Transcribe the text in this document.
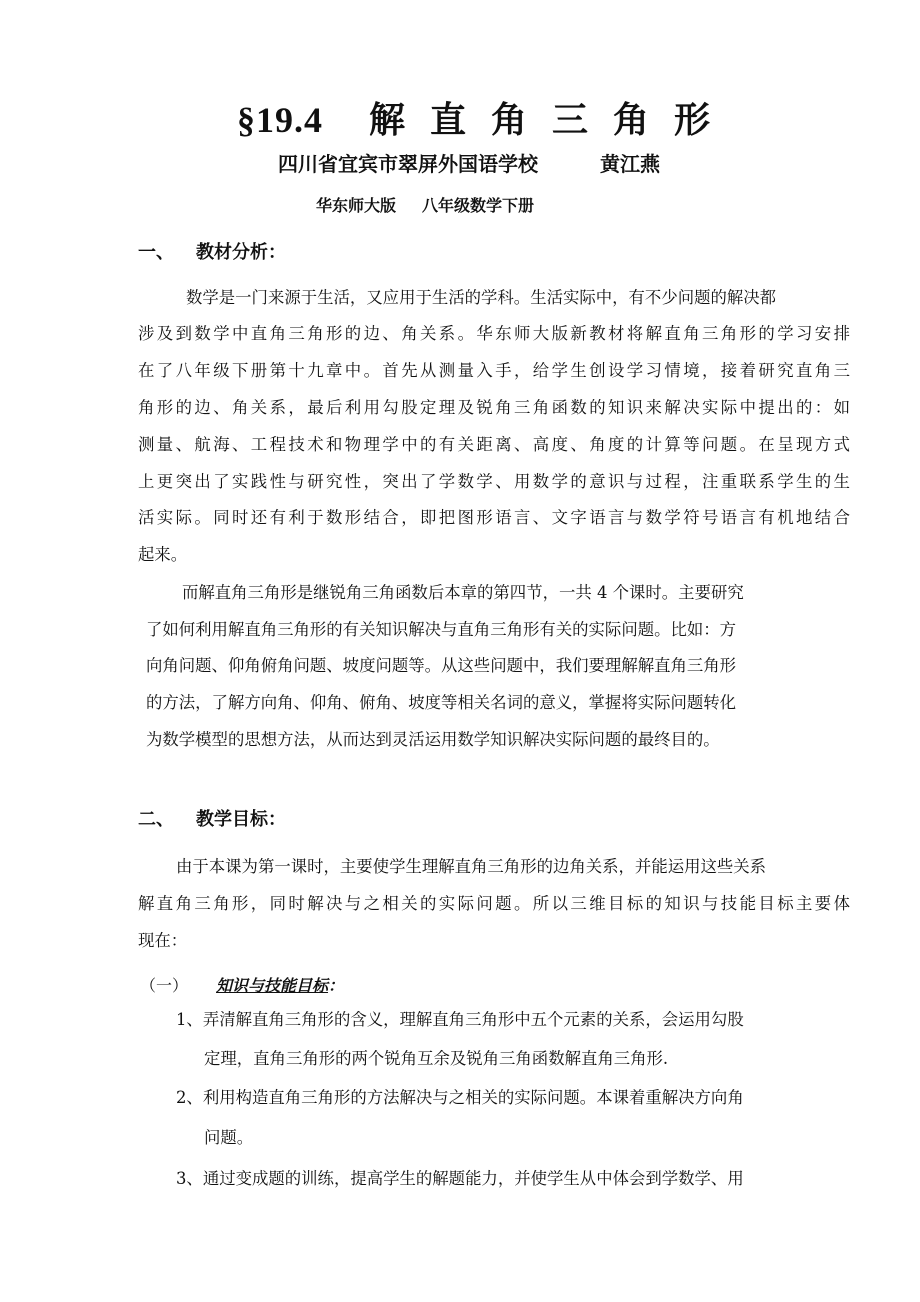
§19.4 解 直 角 三 角 形
四川省宜宾市翠屏外国语学校	黄江燕
华东师大版 八年级数学下册
一、 教材分析：
数学是一门来源于生活，又应用于生活的学科。生活实际中，有不少问题的解决都
涉及到数学中直角三角形的边、角关系。华东师大版新教材将解直角三角形的学习安排
在了八年级下册第十九章中。首先从测量入手，给学生创设学习情境，接着研究直角三
角形的边、角关系，最后利用勾股定理及锐角三角函数的知识来解决实际中提出的：如
测量、航海、工程技术和物理学中的有关距离、高度、角度的计算等问题。在呈现方式
上更突出了实践性与研究性，突出了学数学、用数学的意识与过程，注重联系学生的生
活实际。同时还有利于数形结合，即把图形语言、文字语言与数学符号语言有机地结合
起来。
而解直角三角形是继锐角三角函数后本章的第四节，一共 4 个课时。主要研究
了如何利用解直角三角形的有关知识解决与直角三角形有关的实际问题。比如：方
向角问题、仰角俯角问题、坡度问题等。从这些问题中，我们要理解解直角三角形
的方法，了解方向角、仰角、俯角、坡度等相关名词的意义，掌握将实际问题转化
为数学模型的思想方法，从而达到灵活运用数学知识解决实际问题的最终目的。
二、 教学目标：
由于本课为第一课时，主要使学生理解直角三角形的边角关系，并能运用这些关系
解直角三角形，同时解决与之相关的实际问题。所以三维目标的知识与技能目标主要体
现在：
（一） 知识与技能目标：
1、弄清解直角三角形的含义，理解直角三角形中五个元素的关系，会运用勾股
定理，直角三角形的两个锐角互余及锐角三角函数解直角三角形.
2、利用构造直角三角形的方法解决与之相关的实际问题。本课着重解决方向角
问题。
3、通过变成题的训练，提高学生的解题能力，并使学生从中体会到学数学、用
